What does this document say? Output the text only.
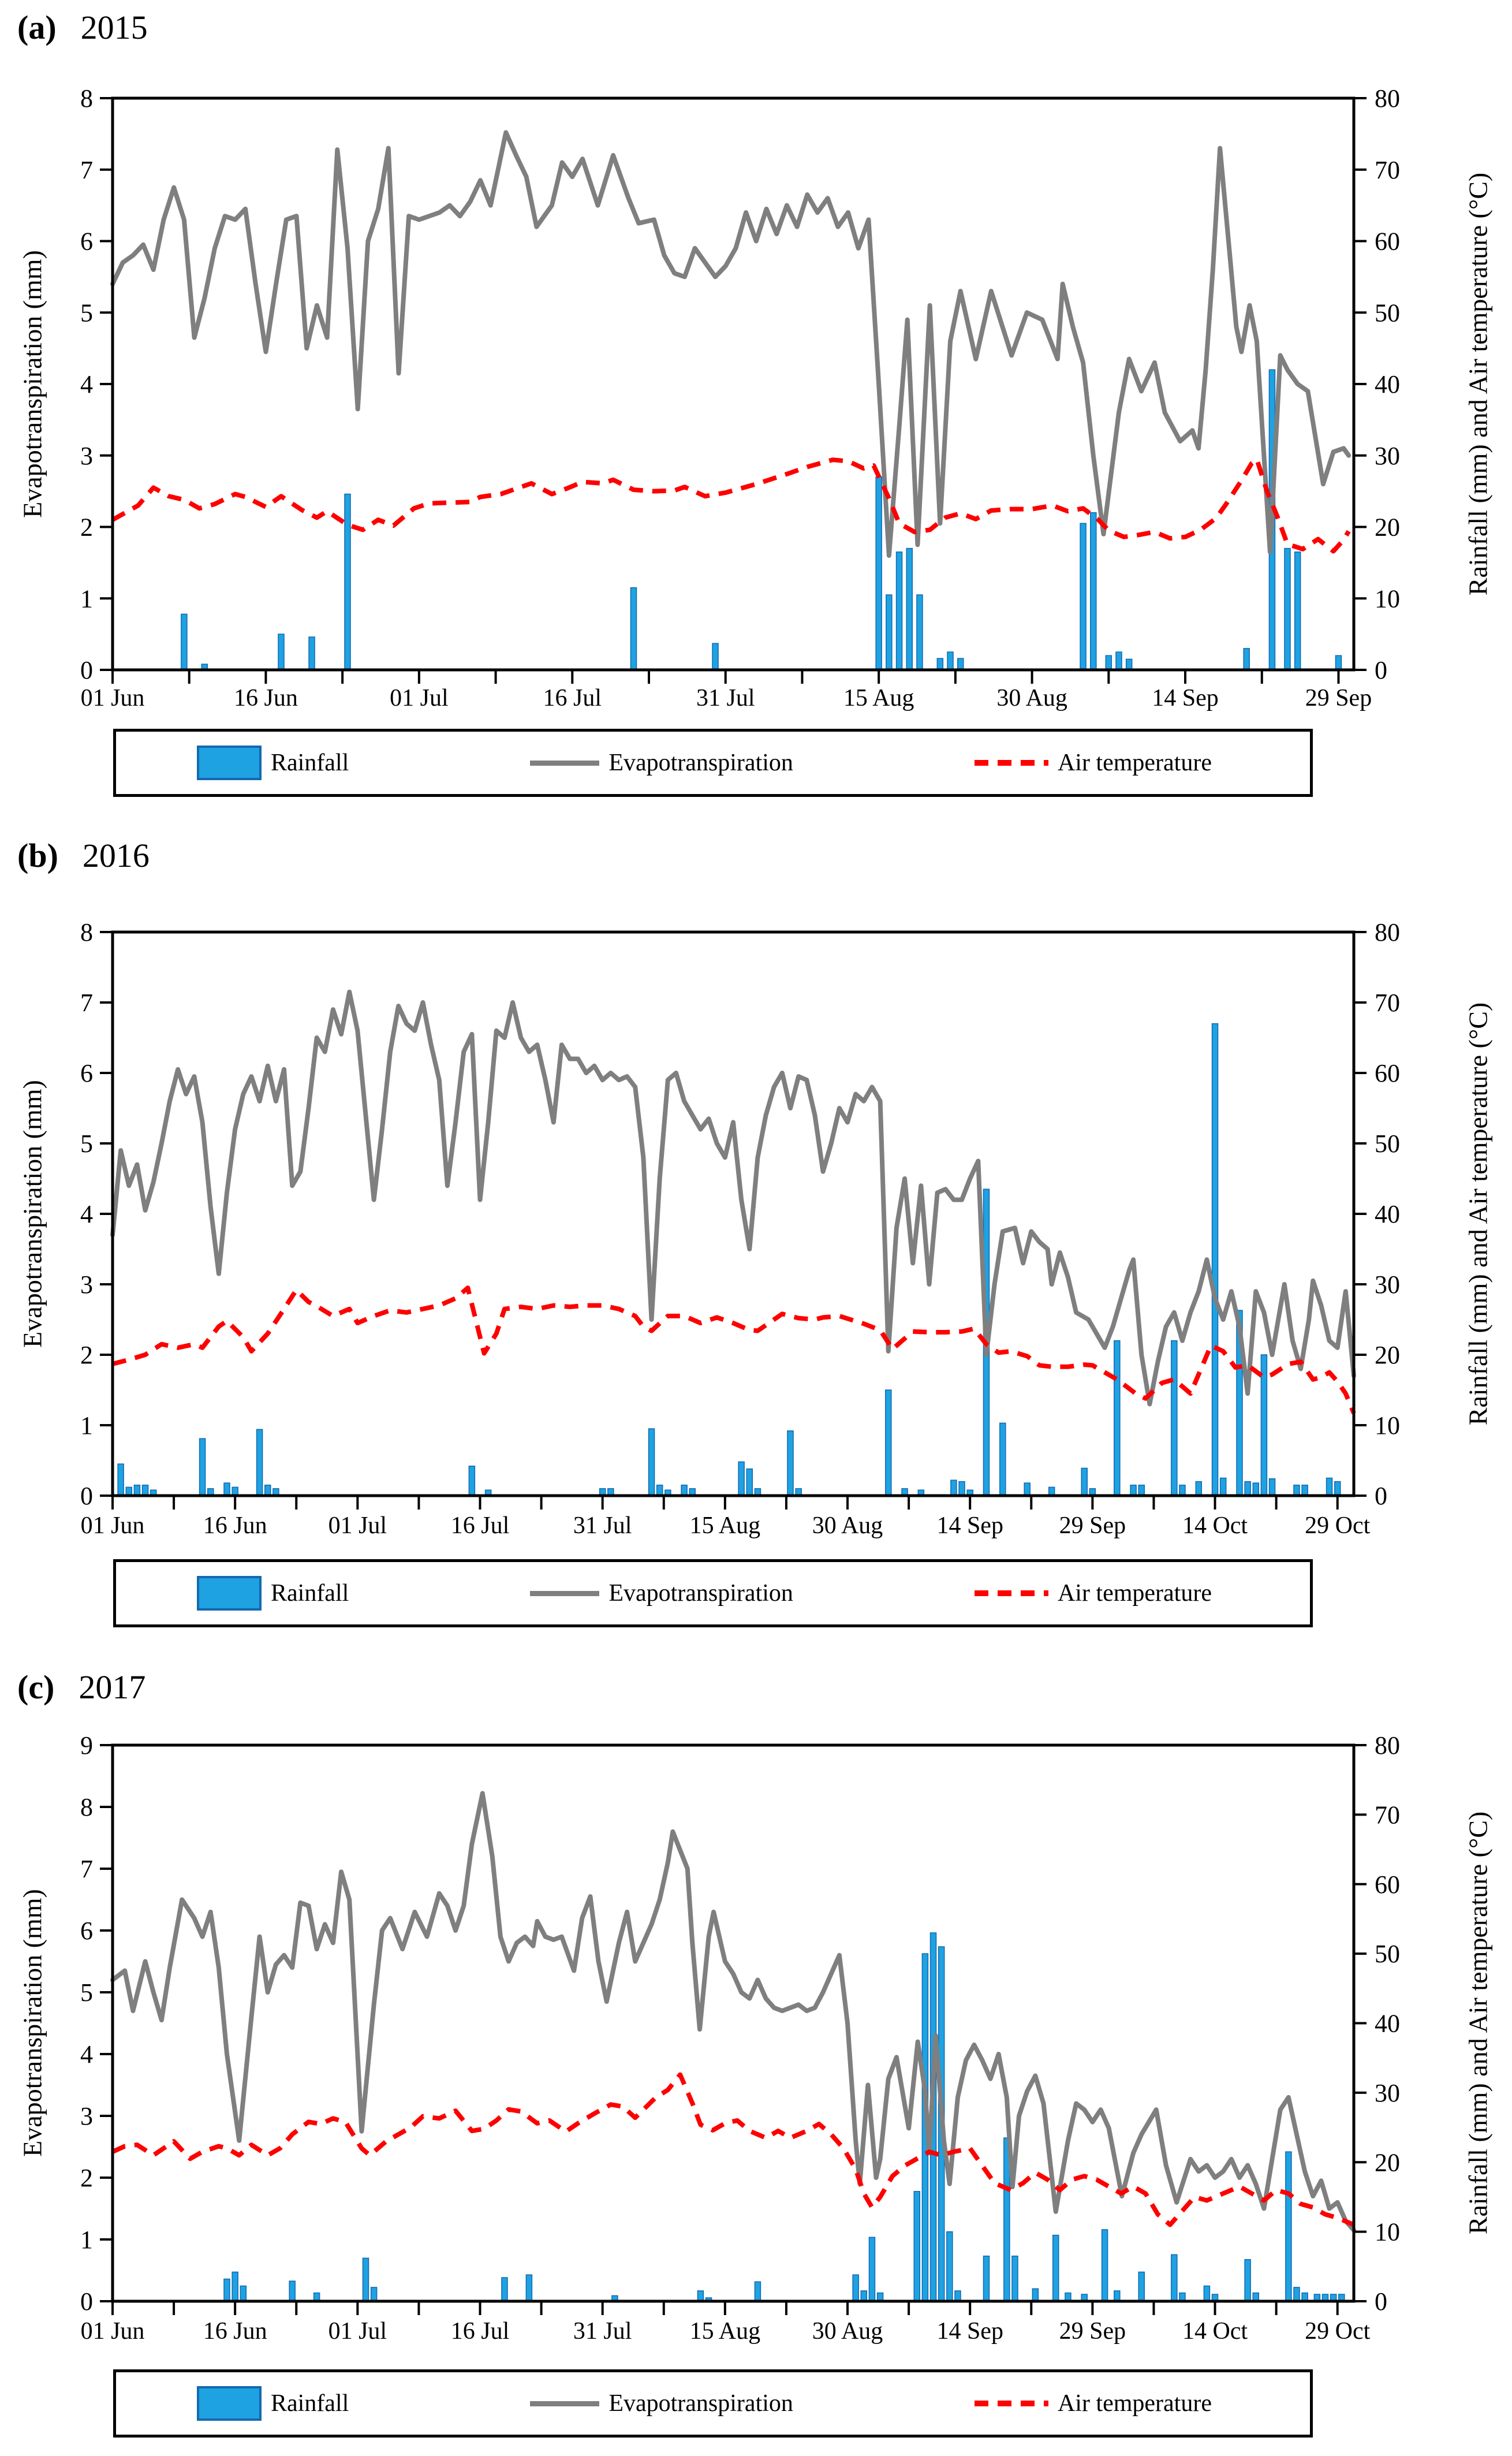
(a) 2015
Evapotranspiration (mm)	Rainfall (mm) and Air temperature (°C)
0
1
2
3
4
5
6
7
8
0
10
20
30
40
50
60
70
80
01 Jun	16 Jun	01 Jul	16 Jul	31 Jul	15 Aug	30 Aug	14 Sep	29 Sep
Rainfall	Evapotranspiration	Air temperature
(b) 2016
Evapotranspiration (mm)	Rainfall (mm) and Air temperature (°C)
0
1
2
3
4
5
6
7
8
0
10
20
30
40
50
60
70
80
01 Jun 16 Jun	01 Jul	16 Jul	31 Jul 15 Aug 30 Aug 14 Sep 29 Sep 14 Oct 29 Oct
Rainfall	Evapotranspiration	Air temperature
(c) 2017
Evapotranspiration (mm)	Rainfall (mm) and Air temperature (°C)
0
1
2
3
4
5
6
7
8
9
0
10
20
30
40
50
60
70
80
01 Jun 16 Jun	01 Jul	16 Jul	31 Jul 15 Aug 30 Aug 14 Sep 29 Sep 14 Oct 29 Oct
Rainfall	Evapotranspiration	Air temperature
